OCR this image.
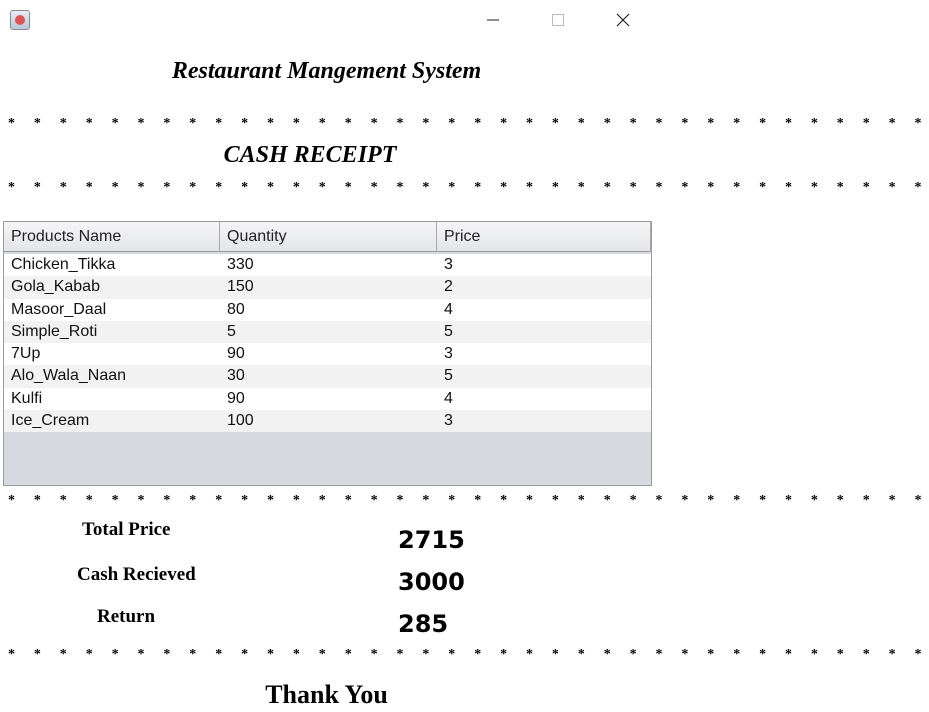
Restaurant Mangement System
* * * * * * * * * * * * * * * * * * * * * * * * * * * * * * * * * * * *
CASH RECEIPT
* * * * * * * * * * * * * * * * * * * * * * * * * * * * * * * * * * * *
Products Name	Quantity	Price
Chicken_Tikka	330	3
Gola_Kabab	150	2
Masoor_Daal	80	4
Simple_Roti	5	5
7Up	90	3
Alo_Wala_Naan	30	5
Kulfi	90	4
Ice_Cream	100	3
* * * * * * * * * * * * * * * * * * * * * * * * * * * * * * * * * * * *
Total Price	2715
Cash Recieved	3000
Return	285
* * * * * * * * * * * * * * * * * * * * * * * * * * * * * * * * * * * *
Thank You
